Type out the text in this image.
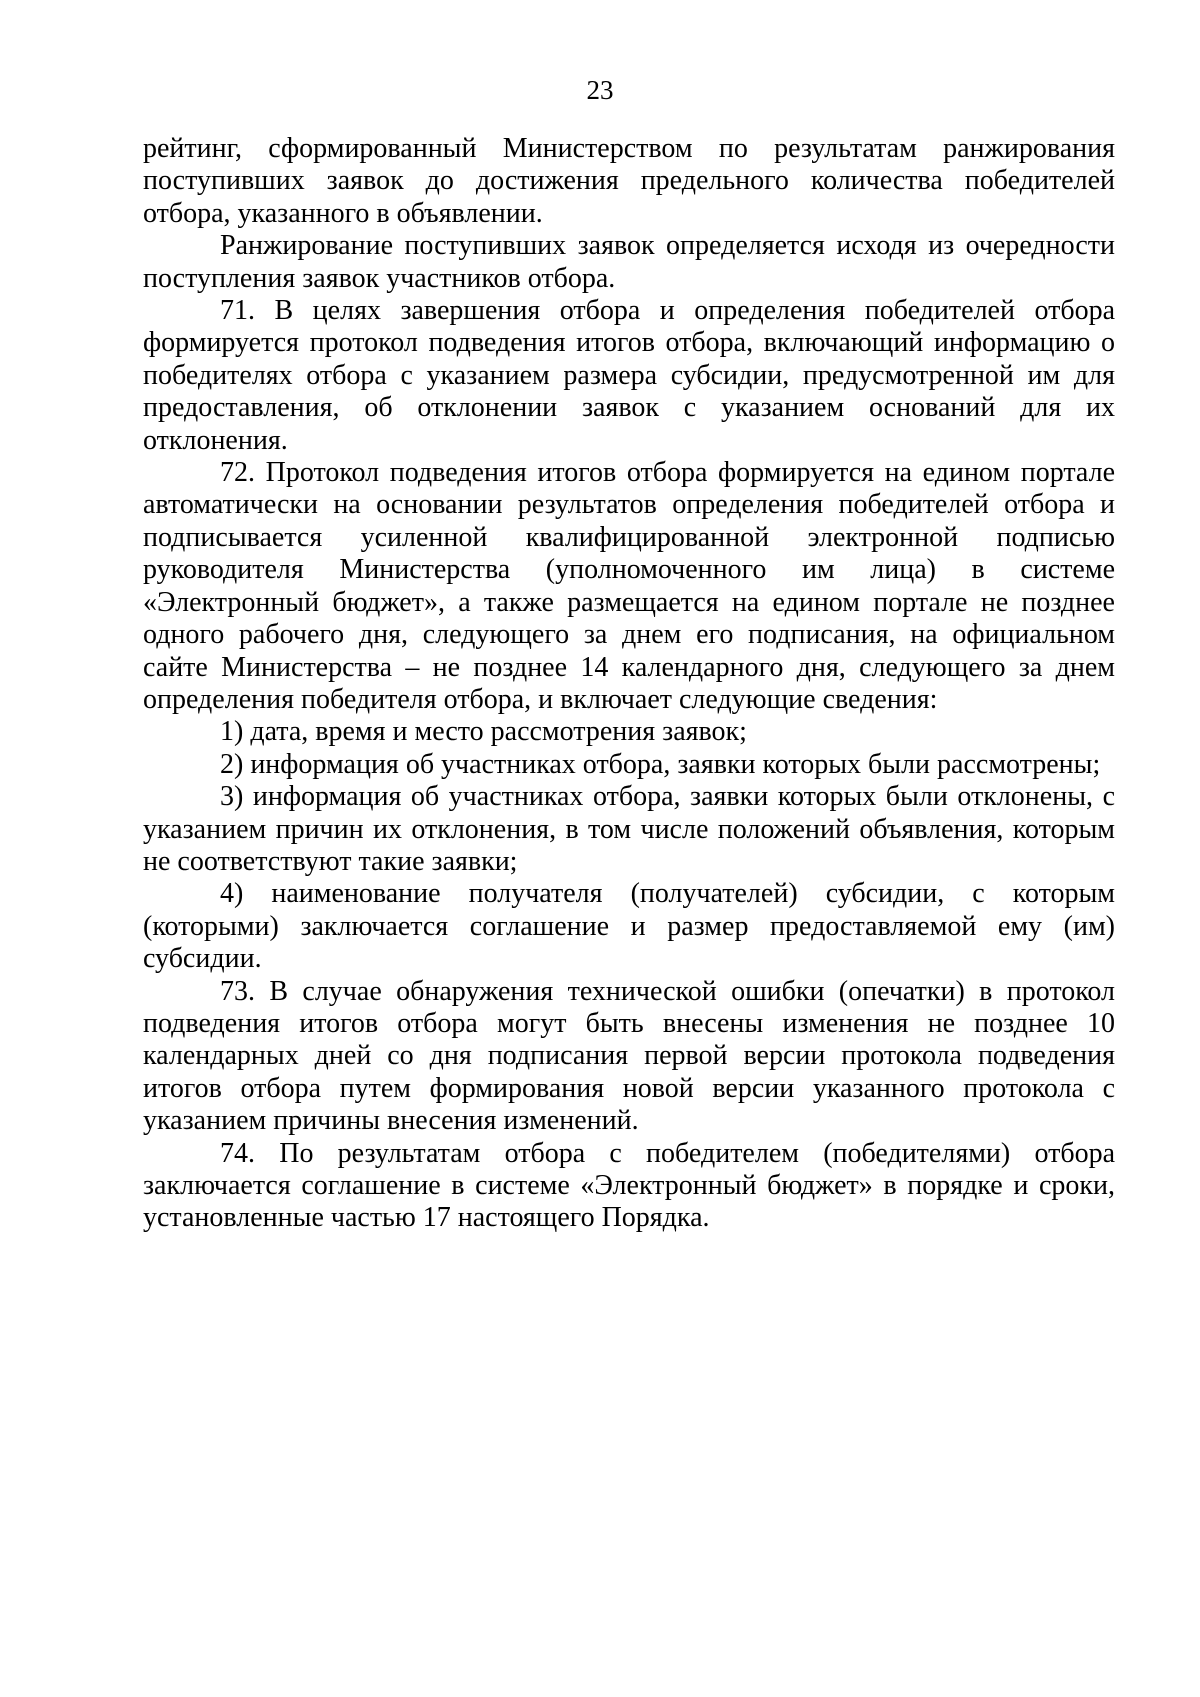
23

рейтинг, сформированный Министерством по результатам ранжирования поступивших заявок до достижения предельного количества победителей отбора, указанного в объявлении.

Ранжирование поступивших заявок определяется исходя из очередности поступления заявок участников отбора.

71. В целях завершения отбора и определения победителей отбора формируется протокол подведения итогов отбора, включающий информацию о победителях отбора с указанием размера субсидии, предусмотренной им для предоставления, об отклонении заявок с указанием оснований для их отклонения.

72. Протокол подведения итогов отбора формируется на едином портале автоматически на основании результатов определения победителей отбора и подписывается усиленной квалифицированной электронной подписью руководителя Министерства (уполномоченного им лица) в системе «Электронный бюджет», а также размещается на едином портале не позднее одного рабочего дня, следующего за днем его подписания, на официальном сайте Министерства – не позднее 14 календарного дня, следующего за днем определения победителя отбора, и включает следующие сведения:

1) дата, время и место рассмотрения заявок;

2) информация об участниках отбора, заявки которых были рассмотрены;

3) информация об участниках отбора, заявки которых были отклонены, с указанием причин их отклонения, в том числе положений объявления, которым не соответствуют такие заявки;

4) наименование получателя (получателей) субсидии, с которым (которыми) заключается соглашение и размер предоставляемой ему (им) субсидии.

73. В случае обнаружения технической ошибки (опечатки) в протокол подведения итогов отбора могут быть внесены изменения не позднее 10 календарных дней со дня подписания первой версии протокола подведения итогов отбора путем формирования новой версии указанного протокола с указанием причины внесения изменений.

74. По результатам отбора с победителем (победителями) отбора заключается соглашение в системе «Электронный бюджет» в порядке и сроки, установленные частью 17 настоящего Порядка.
